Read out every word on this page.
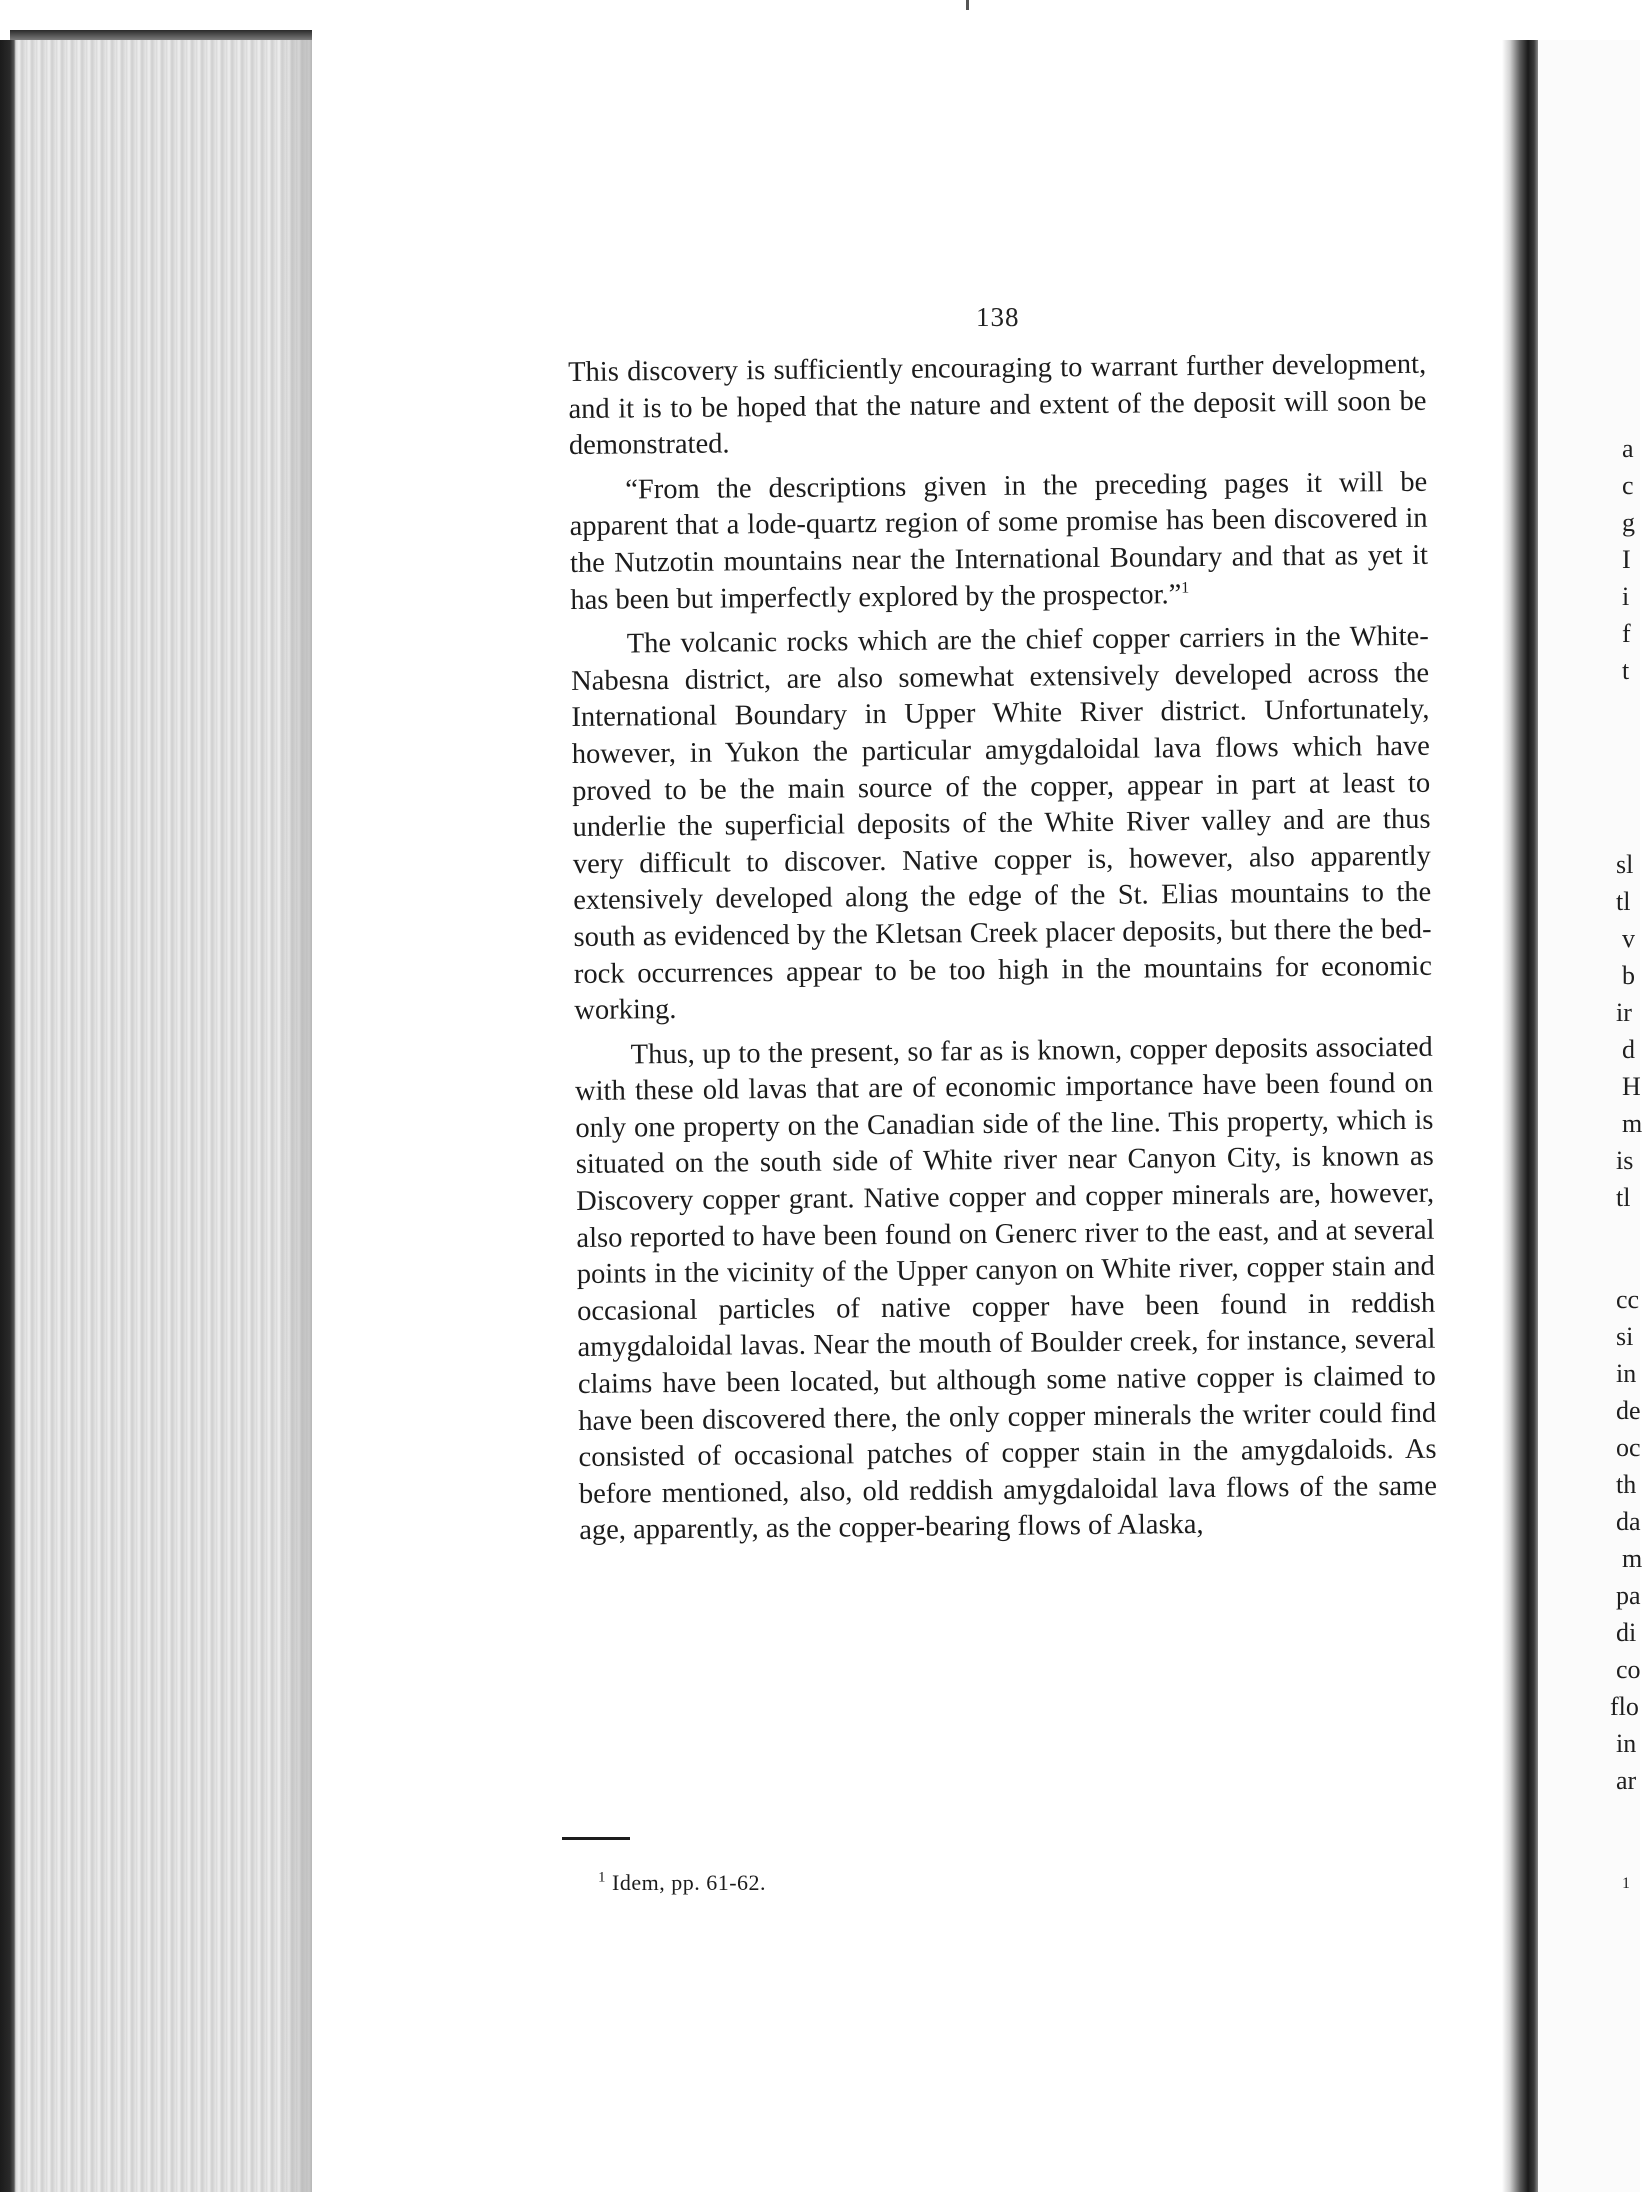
138

This discovery is sufficiently encouraging to warrant further development, and it is to be hoped that the nature and extent of the deposit will soon be demonstrated.

“From the descriptions given in the preceding pages it will be apparent that a lode-quartz region of some promise has been discovered in the Nutzotin mountains near the International Boundary and that as yet it has been but imperfectly explored by the prospector.”$^1$

The volcanic rocks which are the chief copper carriers in the White-Nabesna district, are also somewhat extensively developed across the International Boundary in Upper White River district. Unfortunately, however, in Yukon the particular amygdaloidal lava flows which have proved to be the main source of the copper, appear in part at least to underlie the superficial deposits of the White River valley and are thus very difficult to discover. Native copper is, however, also apparently extensively developed along the edge of the St. Elias mountains to the south as evidenced by the Kletsan Creek placer deposits, but there the bed-rock occurrences appear to be too high in the mountains for economic working.

Thus, up to the present, so far as is known, copper deposits associated with these old lavas that are of economic importance have been found on only one property on the Canadian side of the line. This property, which is situated on the south side of White river near Canyon City, is known as Discovery copper grant. Native copper and copper minerals are, however, also reported to have been found on Generc river to the east, and at several points in the vicinity of the Upper canyon on White river, copper stain and occasional particles of native copper have been found in reddish amygdaloidal lavas. Near the mouth of Boulder creek, for instance, several claims have been located, but although some native copper is claimed to have been discovered there, the only copper minerals the writer could find consisted of occasional patches of copper stain in the amygdaloids. As before mentioned, also, old reddish amygdaloidal lava flows of the same age, apparently, as the copper-bearing flows of Alaska,

$^1$ Idem, pp. 61-62.
a
c
g
I
i
f
t
sl
tl
v
b
ir
d
H
m
is
tl
cc
si
in
de
oc
th
da
m
pa
di
co
flo
in
ar
1
